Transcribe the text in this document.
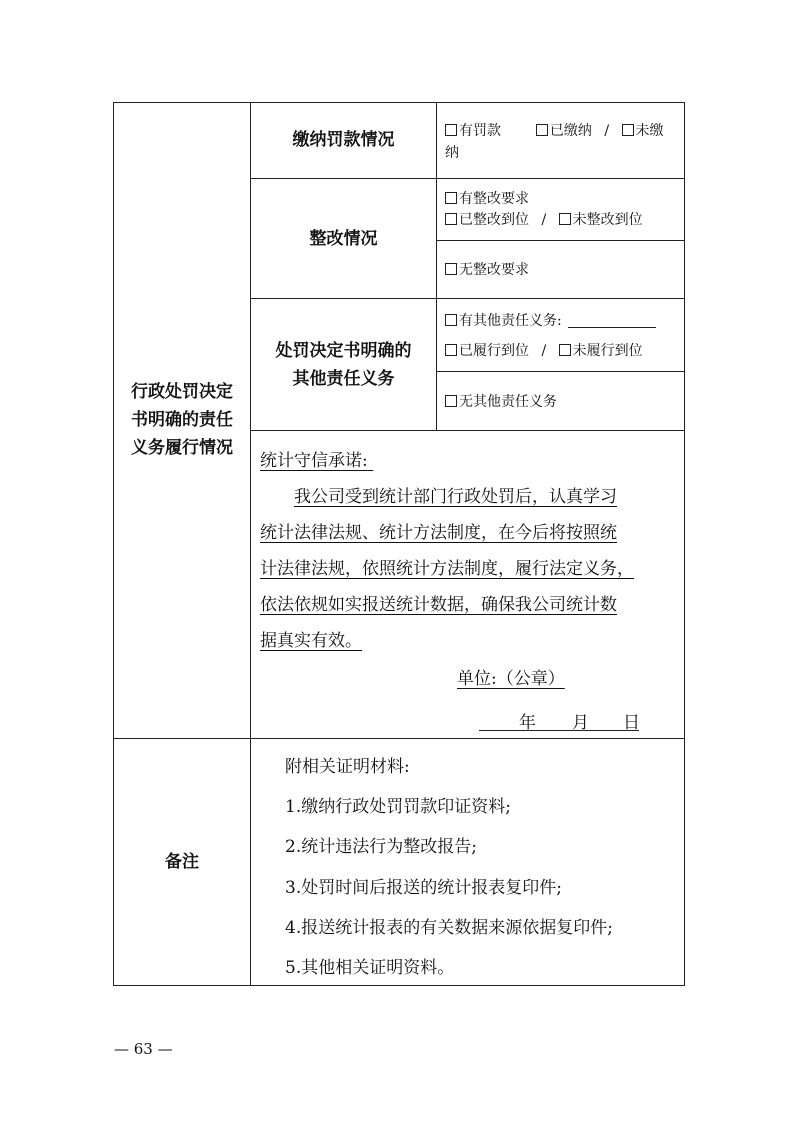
行政处罚决定
书明确的责任
义务履行情况
缴纳罚款情况	有罚款	已缴纳 / 未缴
纳
整改情况
有整改要求
已整改到位 / 未整改到位
无整改要求
处罚决定书明确的
其他责任义务
有其他责任义务:
已履行到位 / 未履行到位
无其他责任义务
统计守信承诺:
我公司受到统计部门行政处罚后，认真学习
统计法律法规、统计方法制度，在今后将按照统
计法律法规，依照统计方法制度，履行法定义务，
依法依规如实报送统计数据，确保我公司统计数
据真实有效。
单位:（公章）
年 月 日
备注
附相关证明材料:
1.缴纳行政处罚罚款印证资料;
2.统计违法行为整改报告;
3.处罚时间后报送的统计报表复印件;
4.报送统计报表的有关数据来源依据复印件;
5.其他相关证明资料。
— 63 —
